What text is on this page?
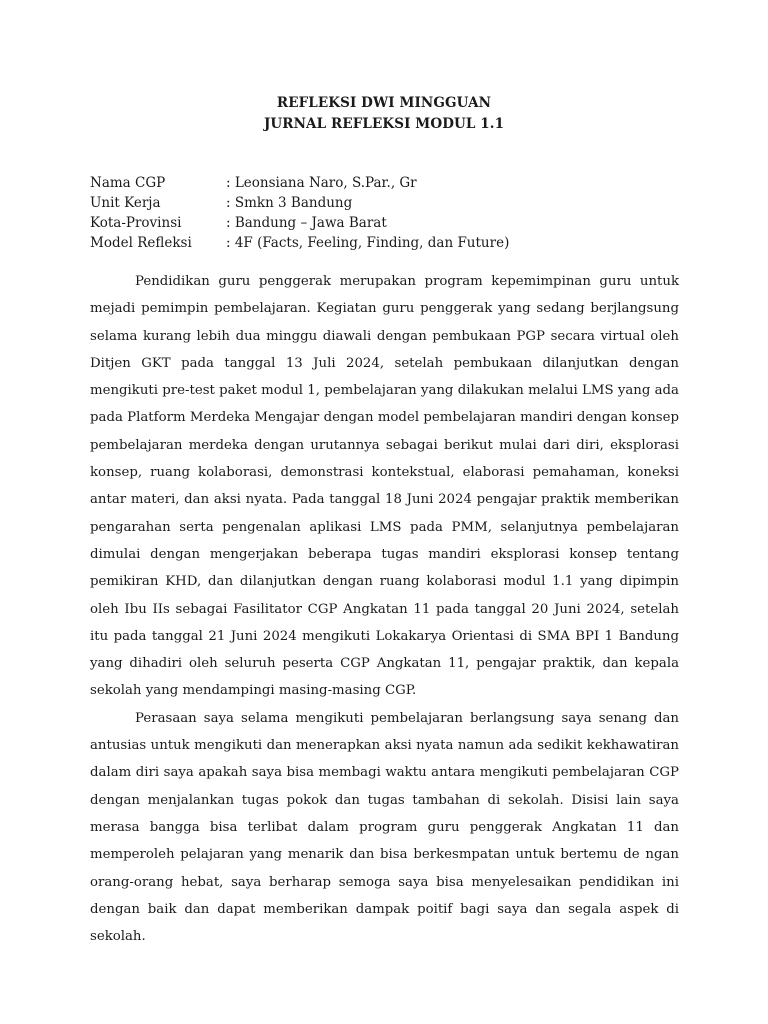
REFLEKSI DWI MINGGUAN
JURNAL REFLEKSI MODUL 1.1
Nama CGP	: Leonsiana Naro, S.Par., Gr
Unit Kerja	: Smkn 3 Bandung
Kota-Provinsi	: Bandung – Jawa Barat
Model Refleksi	: 4F (Facts, Feeling, Finding, dan Future)

Pendidikan guru penggerak merupakan program kepemimpinan guru untuk mejadi pemimpin pembelajaran. Kegiatan guru penggerak yang sedang berjlangsung selama kurang lebih dua minggu diawali dengan pembukaan PGP secara virtual oleh Ditjen GKT pada tanggal 13 Juli 2024, setelah pembukaan dilanjutkan dengan mengikuti pre-test paket modul 1, pembelajaran yang dilakukan melalui LMS yang ada pada Platform Merdeka Mengajar dengan model pembelajaran mandiri dengan konsep pembelajaran merdeka dengan urutannya sebagai berikut mulai dari diri, eksplorasi konsep, ruang kolaborasi, demonstrasi kontekstual, elaborasi pemahaman, koneksi antar materi, dan aksi nyata. Pada tanggal 18 Juni 2024 pengajar praktik memberikan pengarahan serta pengenalan aplikasi LMS pada PMM, selanjutnya pembelajaran dimulai dengan mengerjakan beberapa tugas mandiri eksplorasi konsep tentang pemikiran KHD, dan dilanjutkan dengan ruang kolaborasi modul 1.1 yang dipimpin oleh Ibu IIs sebagai Fasilitator CGP Angkatan 11 pada tanggal 20 Juni 2024, setelah itu pada tanggal 21 Juni 2024 mengikuti Lokakarya Orientasi di SMA BPI 1 Bandung yang dihadiri oleh seluruh peserta CGP Angkatan 11, pengajar praktik, dan kepala sekolah yang mendampingi masing-masing CGP.

Perasaan saya selama mengikuti pembelajaran berlangsung saya senang dan antusias untuk mengikuti dan menerapkan aksi nyata namun ada sedikit kekhawatiran dalam diri saya apakah saya bisa membagi waktu antara mengikuti pembelajaran CGP dengan menjalankan tugas pokok dan tugas tambahan di sekolah. Disisi lain saya merasa bangga bisa terlibat dalam program guru penggerak Angkatan 11 dan memperoleh pelajaran yang menarik dan bisa berkesmpatan untuk bertemu de ngan orang-orang hebat, saya berharap semoga saya bisa menyelesaikan pendidikan ini dengan baik dan dapat memberikan dampak poitif bagi saya dan segala aspek di sekolah.
